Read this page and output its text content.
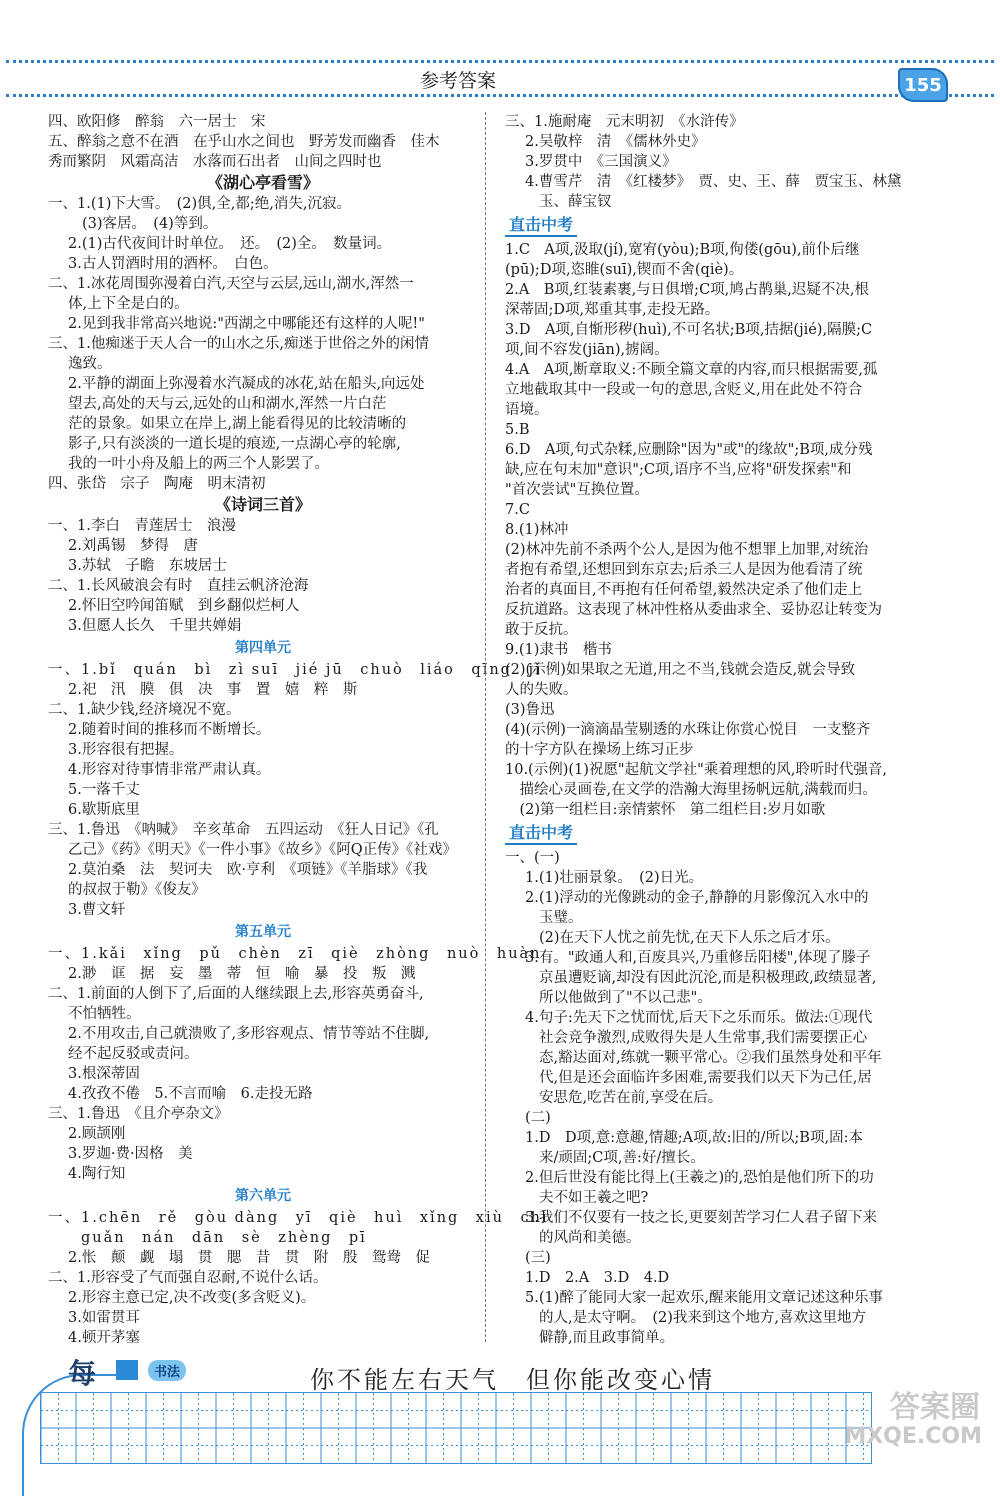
参考答案	155
四、欧阳修　醉翁　六一居士　宋
五、醉翁之意不在酒　在乎山水之间也　野芳发而幽香　佳木
秀而繁阴　风霜高洁　水落而石出者　山间之四时也
《湖心亭看雪》
一、1.(1)下大雪。　(2)俱,全,都;绝,消失,沉寂。
(3)客居。　(4)等到。
2.(1)古代夜间计时单位。　还。　(2)全。　数量词。
3.古人罚酒时用的酒杯。　白色。
二、1.冰花周围弥漫着白汽,天空与云层,远山,湖水,浑然一
体,上下全是白的。
2.见到我非常高兴地说:"西湖之中哪能还有这样的人呢!"
三、1.他痴迷于天人合一的山水之乐,痴迷于世俗之外的闲情
逸致。
2.平静的湖面上弥漫着水汽凝成的冰花,站在船头,向远处
望去,高处的天与云,远处的山和湖水,浑然一片白茫
茫的景象。如果立在岸上,湖上能看得见的比较清晰的
影子,只有淡淡的一道长堤的痕迹,一点湖心亭的轮廓,
我的一叶小舟及船上的两三个人影罢了。
四、张岱　宗子　陶庵　明末清初
《诗词三首》
一、1.李白　青莲居士　浪漫
2.刘禹锡　梦得　唐
3.苏轼　子瞻　东坡居士
二、1.长风破浪会有时　直挂云帆济沧海
2.怀旧空吟闻笛赋　到乡翻似烂柯人
3.但愿人长久　千里共婵娟
第四单元
一、1.bǐ　quán　bì　zì suī　jié jū　chuò　liáo　qīng　jǐ
2.祀　汛　膜　俱　决　事　置　嬉　粹　斯
二、1.缺少钱,经济境况不宽。
2.随着时间的推移而不断增长。
3.形容很有把握。
4.形容对待事情非常严肃认真。
5.一落千丈
6.歇斯底里
三、1.鲁迅　《呐喊》　辛亥革命　五四运动　《狂人日记》《孔
乙己》《药》《明天》《一件小事》《故乡》《阿Q正传》《社戏》
2.莫泊桑　法　契诃夫　欧·亨利　《项链》《羊脂球》《我
的叔叔于勒》《俊友》
3.曹文轩
第五单元
一、1.kǎi　xǐng　pǔ　chèn　zī　qiè　zhòng　nuò　huàn
2.渺　诓　据　妄　墨　蒂　恒　喻　暴　投　叛　溅
二、1.前面的人倒下了,后面的人继续跟上去,形容英勇奋斗,
不怕牺牲。
2.不用攻击,自己就溃败了,多形容观点、情节等站不住脚,
经不起反驳或责问。
3.根深蒂固
4.孜孜不倦　5.不言而喻　6.走投无路
三、1.鲁迅　《且介亭杂文》
2.顾颉刚
3.罗迦·费·因格　美
4.陶行知
第六单元
一、1.chēn　rě　gòu dàng　yī　qiè　huì　xǐng　xiù　chì
　　guǎn　nán　dān　sè　zhèng　pī
2.怅　颠　觑　塌　贯　腮　昔　贯　附　殷　鸳鸯　促
二、1.形容受了气而强自忍耐,不说什么话。
2.形容主意已定,决不改变(多含贬义)。
3.如雷贯耳
4.顿开茅塞
三、1.施耐庵　元末明初　《水浒传》
2.吴敬梓　清　《儒林外史》
3.罗贯中　《三国演义》
4.曹雪芹　清　《红楼梦》　贾、史、王、薛　贾宝玉、林黛
玉、薛宝钗
直击中考
1.C　A项,汲取(jí),宽宥(yòu);B项,佝偻(gōu),前仆后继
(pū);D项,恣睢(suī),锲而不舍(qiè)。
2.A　B项,红装素裹,与日俱增;C项,鸠占鹊巢,迟疑不决,根
深蒂固;D项,郑重其事,走投无路。
3.D　A项,自惭形秽(huì),不可名状;B项,拮据(jié),隔膜;C
项,间不容发(jiān),掳阔。
4.A　A项,断章取义:不顾全篇文章的内容,而只根据需要,孤
立地截取其中一段或一句的意思,含贬义,用在此处不符合
语境。
5.B
6.D　A项,句式杂糅,应删除"因为"或"的缘故";B项,成分残
缺,应在句末加"意识";C项,语序不当,应将"研发探索"和
"首次尝试"互换位置。
7.C
8.(1)林冲
(2)林冲先前不杀两个公人,是因为他不想罪上加罪,对统治
者抱有希望,还想回到东京去;后杀三人是因为他看清了统
治者的真面目,不再抱有任何希望,毅然决定杀了他们走上
反抗道路。这表现了林冲性格从委曲求全、妥协忍让转变为
敢于反抗。
9.(1)隶书　楷书
(2)(示例)如果取之无道,用之不当,钱就会造反,就会导致
人的失败。
(3)鲁迅
(4)(示例)一滴滴晶莹剔透的水珠让你赏心悦目　一支整齐
的十字方队在操场上练习正步
10.(示例)(1)祝愿"起航文学社"乘着理想的风,聆听时代强音,
　描绘心灵画卷,在文学的浩瀚大海里扬帆远航,满载而归。
　(2)第一组栏目:亲情萦怀　第二组栏目:岁月如歌
直击中考
一、(一)
1.(1)壮丽景象。　(2)日光。
2.(1)浮动的光像跳动的金子,静静的月影像沉入水中的
玉璧。
(2)在天下人忧之前先忧,在天下人乐之后才乐。
3.有。"政通人和,百废具兴,乃重修岳阳楼",体现了滕子
京虽遭贬谪,却没有因此沉沦,而是积极理政,政绩显著,
所以他做到了"不以己悲"。
4.句子:先天下之忧而忧,后天下之乐而乐。做法:①现代
社会竞争激烈,成败得失是人生常事,我们需要摆正心
态,豁达面对,练就一颗平常心。②我们虽然身处和平年
代,但是还会面临许多困难,需要我们以天下为己任,居
安思危,吃苦在前,享受在后。
(二)
1.D　D项,意:意趣,情趣;A项,故:旧的/所以;B项,固:本
来/顽固;C项,善:好/擅长。
2.但后世没有能比得上(王羲之)的,恐怕是他们所下的功
夫不如王羲之吧?
3.我们不仅要有一技之长,更要刻苦学习仁人君子留下来
的风尚和美德。
(三)
1.D　2.A　3.D　4.D
5.(1)醉了能同大家一起欢乐,醒来能用文章记述这种乐事
的人,是太守啊。　(2)我来到这个地方,喜欢这里地方
僻静,而且政事简单。
每	书法	你不能左右天气　但你能改变心情
答案圈
MXQE.COM
